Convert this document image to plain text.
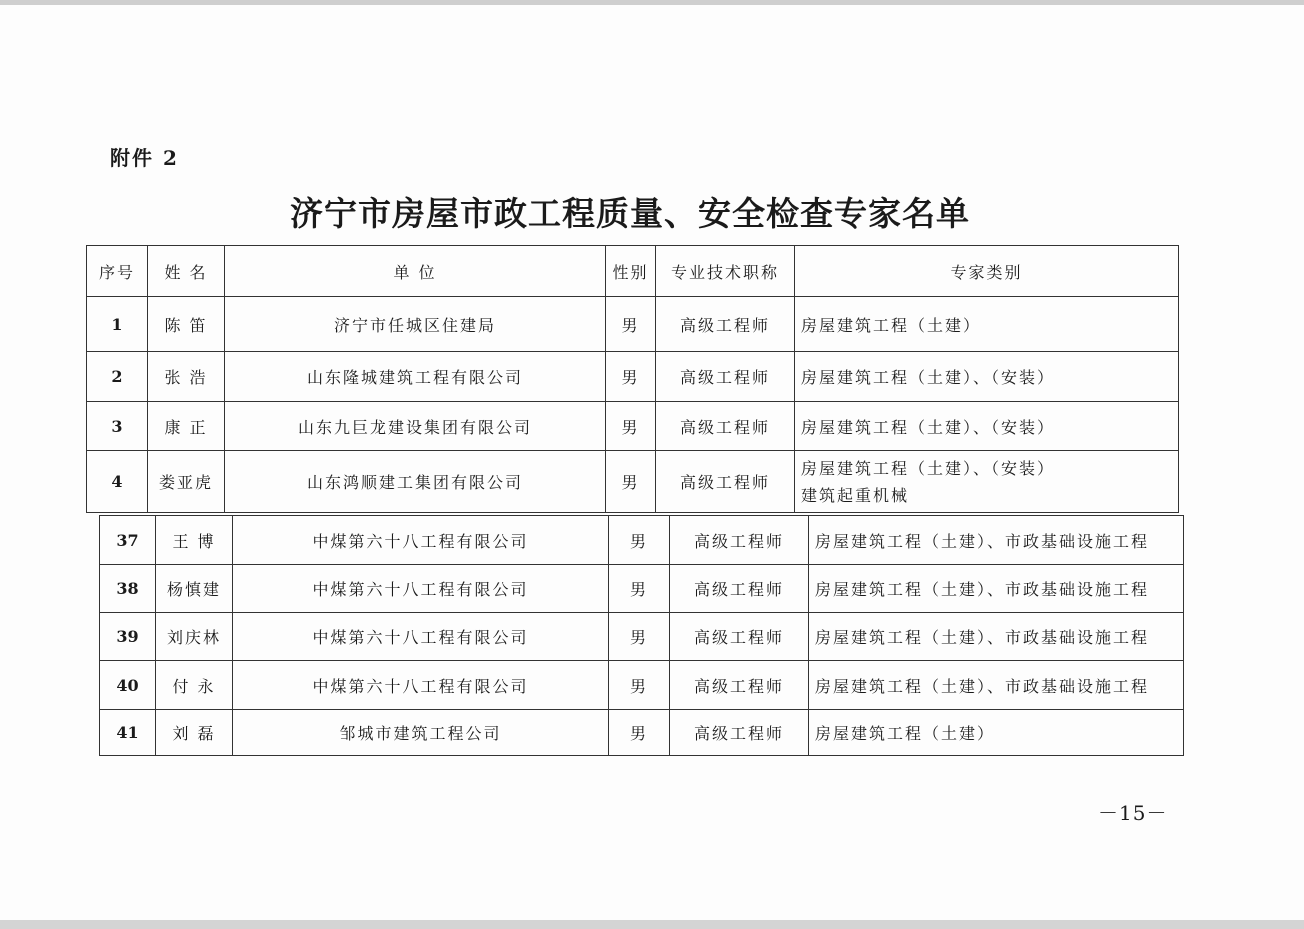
附件 2
济宁市房屋市政工程质量、安全检查专家名单
序号	姓 名	单 位	性别	专业技术职称	专家类别
1	陈 笛	济宁市任城区住建局	男	高级工程师	房屋建筑工程（土建）
2	张 浩	山东隆城建筑工程有限公司	男	高级工程师	房屋建筑工程（土建）、（安装）
3	康 正	山东九巨龙建设集团有限公司	男	高级工程师	房屋建筑工程（土建）、（安装）
4	娄亚虎	山东鸿顺建工集团有限公司	男	高级工程师	房屋建筑工程（土建）、（安装）
建筑起重机械
37	王 博	中煤第六十八工程有限公司	男	高级工程师	房屋建筑工程（土建）、市政基础设施工程
38	杨慎建	中煤第六十八工程有限公司	男	高级工程师	房屋建筑工程（土建）、市政基础设施工程
39	刘庆林	中煤第六十八工程有限公司	男	高级工程师	房屋建筑工程（土建）、市政基础设施工程
40	付 永	中煤第六十八工程有限公司	男	高级工程师	房屋建筑工程（土建）、市政基础设施工程
41	刘 磊	邹城市建筑工程公司	男	高级工程师	房屋建筑工程（土建）
－15－
